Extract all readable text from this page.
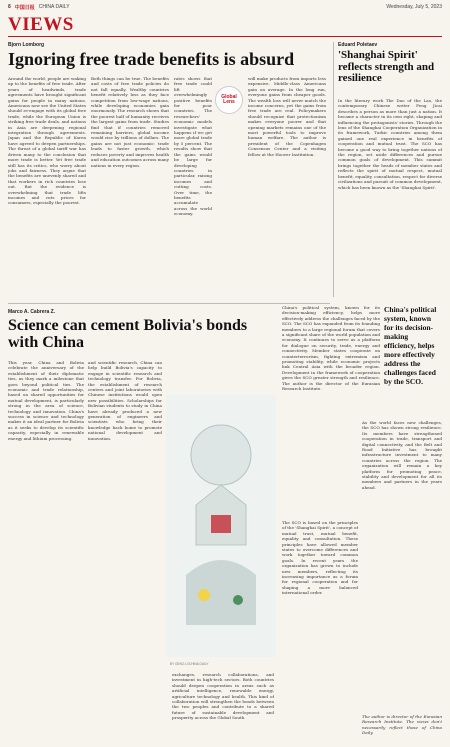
8 中国日报 CHINA DAILY	Wednesday, July 5, 2023
VIEWS
Bjorn Lomborg
Ignoring free trade benefits is absurd
Around the world, people are waking up to the benefits of free trade. After years of headwinds, trade agreements have brought significant gains for people in many nations. Americans now see the United States should re-engage with its global free trade, while the European Union is striking free trade deals, and nations in Asia are deepening regional integration through agreements. Japan and the Republic of Korea have agreed to deepen partnerships. The threat of a global tariff war has driven many to the conclusion that more trade is better. Yet free trade still has its critics, who worry about jobs and fairness. They argue that the benefits are unevenly shared and that workers in rich countries lose out. But the evidence is overwhelming that trade lifts incomes and cuts prices for consumers, especially the poorest.
Both things can be true. The benefits and costs of free trade policies do not fall equally. Wealthy countries benefit relatively less as they face competition from low-wage nations, while developing economies gain enormously. The research shows that the poorest half of humanity receives the largest gains from trade. Studies find that if countries removed remaining barriers, global income would rise by trillions of dollars. The gains are not just economic: trade leads to faster growth, which reduces poverty and improves health and education outcomes across many nations in every region.
rates shows that free trade could lift overwhelmingly positive benefits for poor countries. The researchers' economic models investigate what happens if we get more global trade by 5 percent. The results show that the gains would be large for developing countries in particular, raising incomes and cutting costs. Over time, the benefits accumulate across the world economy.
Global Lens
will make products from imports less expensive. Middle-class Americans gain on average. In the long run, everyone gains from cheaper goods. The wealth loss will never match the income concerns, yet the gains from free trade are real. Policymakers should recognize that protectionism makes everyone poorer and that opening markets remains one of the most powerful tools to improve human welfare. The author is president of the Copenhagen Consensus Center and a visiting fellow at the Hoover Institution.
Eduard Poletaev
'Shanghai Spirit' reflects strength and resilience
In the literary work The Dao of the Lao, the contemporary Chinese writer Feng Jicai describes a person as more than just a nation. It became a character in its own right, shaping and influencing the protagonists' stories. Through the lens of the Shanghai Cooperation Organization in its framework, Turkic countries among them gained one real experience in benefits of cooperation and mutual trust. The SCO has become a good way to bring together nations of the region, set aside differences and pursue common goals of development. This summit brings together the heads of member states and reflects the spirit of mutual respect, mutual benefit, equality, consultation, respect for diverse civilizations and pursuit of common development, which has been known as the 'Shanghai Spirit'.
Marco A. Cabrera Z.
Science can cement Bolivia's bonds with China
This year, China and Bolivia celebrate the anniversary of the establishment of their diplomatic ties, as they mark a milestone that goes beyond political ties. The economic and trade relationship, based on shared opportunities for mutual development, is particularly strong in the area of science, technology and innovation. China's success in science and technology makes it an ideal partner for Bolivia as it seeks to develop its scientific capacity, especially in renewable energy and lithium processing.
and scientific research, China can help build Bolivia's capacity to engage in scientific research and technology transfer. For Bolivia, the establishment of research centers and joint laboratories with Chinese institutions would open new possibilities. Scholarships for Bolivian students to study in China have already produced a new generation of engineers and scientists who bring their knowledge back home to promote national development and innovation.
BY GENG LI/CHINA DAILY
exchanges, research collaborations, and investment in high-tech sectors. Both countries should deepen cooperation in areas such as artificial intelligence, renewable energy, agriculture technology and health. This kind of collaboration will strengthen the bonds between the two peoples and contribute to a shared future of sustainable development and prosperity across the Global South.
China's political system, known for its decision-making efficiency, helps more effectively address the challenges faced by the SCO. The SCO has expanded from its founding members to a large regional forum that covers a significant share of the world population and economy. It continues to serve as a platform for dialogue on security, trade, energy and connectivity. Member states cooperate on counterterrorism, fighting extremism and promoting stability, while economic projects link Central Asia with the broader region. Development in the framework of cooperation gives the SCO greater strength and resilience. The author is the director of the Eurasian Research Institute.
China's political system, known for its decision-making efficiency, helps more effectively address the challenges faced by the SCO.
The SCO is based on the principles of the 'Shanghai Spirit', a concept of mutual trust, mutual benefit, equality and consultation. These principles have allowed member states to overcome differences and work together toward common goals. In recent years the organization has grown to include new members, reflecting its increasing importance as a forum for regional cooperation and for shaping a more balanced international order.
As the world faces new challenges, the SCO has shown strong resilience. Its members have strengthened cooperation in trade, transport and digital connectivity, and the Belt and Road Initiative has brought infrastructure investment to many countries across the region. The organization will remain a key platform for promoting peace, stability and development for all its members and partners in the years ahead.
The author is director of the Eurasian Research Institute. The views don't necessarily reflect those of China Daily.
